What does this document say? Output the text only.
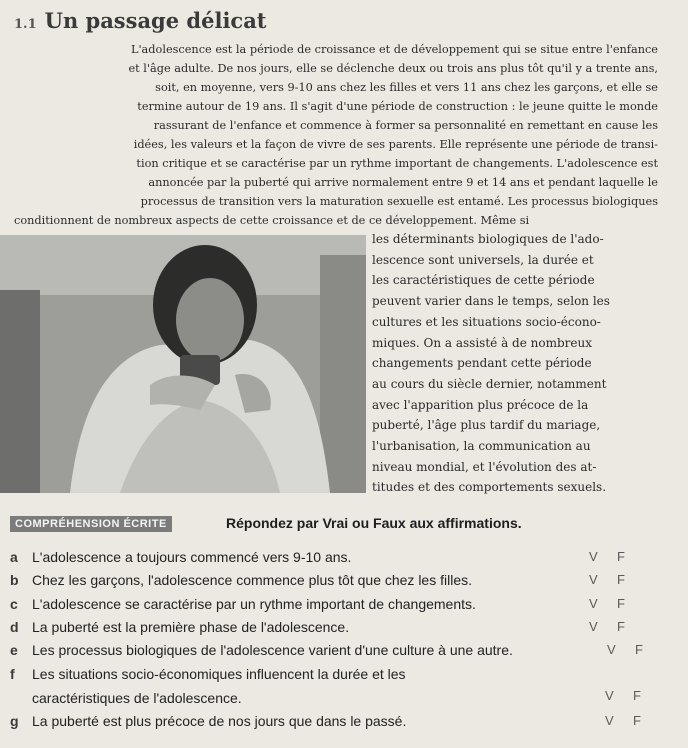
1.1 Un passage délicat

L'adolescence est la période de croissance et de développement qui se situe entre l'enfance

et l'âge adulte. De nos jours, elle se déclenche deux ou trois ans plus tôt qu'il y a trente ans,

soit, en moyenne, vers 9-10 ans chez les filles et vers 11 ans chez les garçons, et elle se

termine autour de 19 ans. Il s'agit d'une période de construction : le jeune quitte le monde

rassurant de l'enfance et commence à former sa personnalité en remettant en cause les

idées, les valeurs et la façon de vivre de ses parents. Elle représente une période de transi-

tion critique et se caractérise par un rythme important de changements. L'adolescence est

annoncée par la puberté qui arrive normalement entre 9 et 14 ans et pendant laquelle le

processus de transition vers la maturation sexuelle est entamé. Les processus biologiques

conditionnent de nombreux aspects de cette croissance et de ce développement. Même si

les déterminants biologiques de l'ado-

lescence sont universels, la durée et

les caractéristiques de cette période

peuvent varier dans le temps, selon les

cultures et les situations socio-écono-

miques. On a assisté à de nombreux

changements pendant cette période

au cours du siècle dernier, notamment

avec l'apparition plus précoce de la

puberté, l'âge plus tardif du mariage,

l'urbanisation, la communication au

niveau mondial, et l'évolution des at-

titudes et des comportements sexuels.

COMPRÉHENSION ÉCRITE	Répondez par Vrai ou Faux aux affirmations.
a L'adolescence a toujours commencé vers 9-10 ans.	V F
b Chez les garçons, l'adolescence commence plus tôt que chez les filles.	V F
c L'adolescence se caractérise par un rythme important de changements.	V F
d La puberté est la première phase de l'adolescence.	V F
e Les processus biologiques de l'adolescence varient d'une culture à une autre.	V F
f Les situations socio-économiques influencent la durée et les
caractéristiques de l'adolescence.	V F
g La puberté est plus précoce de nos jours que dans le passé.	V F
